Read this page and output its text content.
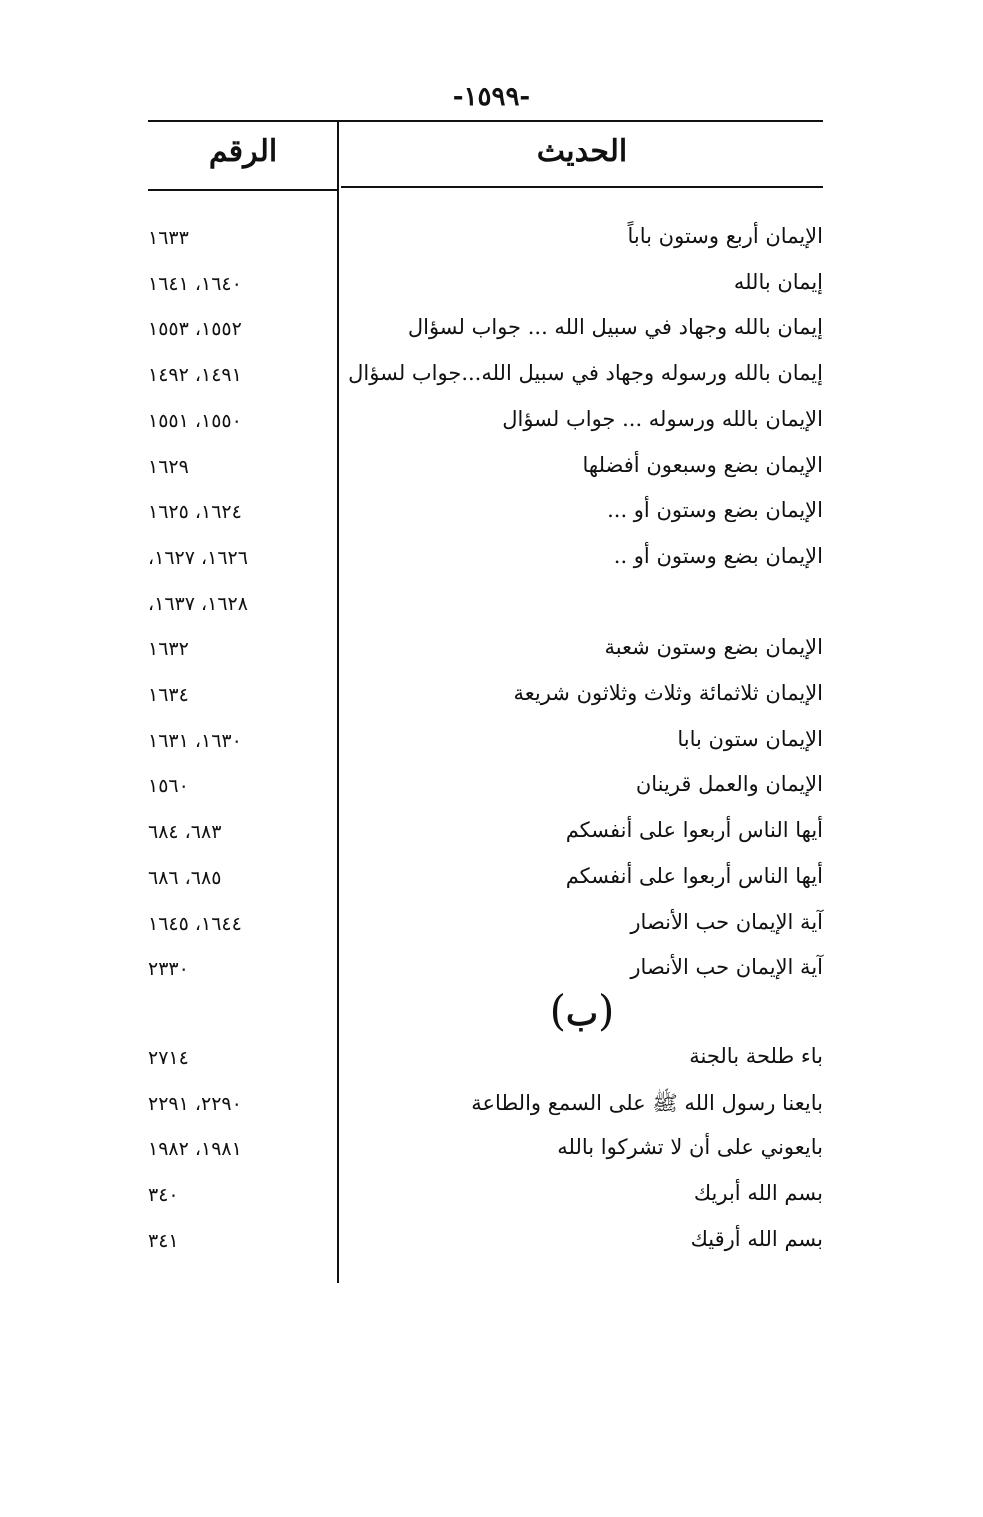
-١٥٩٩-
الحديث
الرقم
الإيمان أربع وستون باباً
١٦٣٣
إيمان بالله
١٦٤٠، ١٦٤١
إيمان بالله وجهاد في سبيل الله ... جواب لسؤال
١٥٥٢، ١٥٥٣
إيمان بالله ورسوله وجهاد في سبيل الله...جواب لسؤال
١٤٩١، ١٤٩٢
الإيمان بالله ورسوله ... جواب لسؤال
١٥٥٠، ١٥٥١
الإيمان بضع وسبعون أفضلها
١٦٢٩
الإيمان بضع وستون أو ...
١٦٢٤، ١٦٢٥
الإيمان بضع وستون أو ..
١٦٢٦، ١٦٢٧،
١٦٢٨، ١٦٣٧،
الإيمان بضع وستون شعبة
١٦٣٢
الإيمان ثلاثمائة وثلاث وثلاثون شريعة
١٦٣٤
الإيمان ستون بابا
١٦٣٠، ١٦٣١
الإيمان والعمل قرينان
١٥٦٠
أيها الناس أربعوا على أنفسكم
٦٨٣، ٦٨٤
أيها الناس أربعوا على أنفسكم
٦٨٥، ٦٨٦
آية الإيمان حب الأنصار
١٦٤٤، ١٦٤٥
آية الإيمان حب الأنصار
٢٣٣٠
(ب)
باء طلحة بالجنة
٢٧١٤
بايعنا رسول الله ﷺ على السمع والطاعة
٢٢٩٠، ٢٢٩١
بايعوني على أن لا تشركوا بالله
١٩٨١، ١٩٨٢
بسم الله أبريك
٣٤٠
بسم الله أرقيك
٣٤١
